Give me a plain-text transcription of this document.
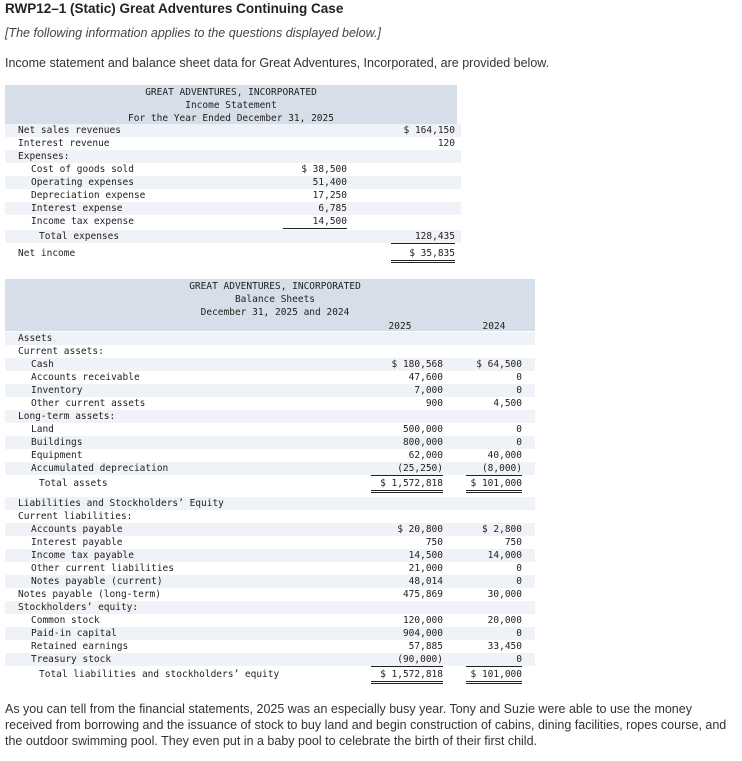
RWP12–1 (Static) Great Adventures Continuing Case
[The following information applies to the questions displayed below.]
Income statement and balance sheet data for Great Adventures, Incorporated, are provided below.
GREAT ADVENTURES, INCORPORATED
Income Statement
For the Year Ended December 31, 2025
Net sales revenues	$ 164,150
Interest revenue	120
Expenses:
Cost of goods sold	$ 38,500
Operating expenses	51,400
Depreciation expense	17,250
Interest expense	6,785
Income tax expense	14,500
Total expenses	128,435
Net income	$ 35,835
GREAT ADVENTURES, INCORPORATED
Balance Sheets
December 31, 2025 and 2024
2025	2024
Assets
Current assets:
Cash	$ 180,568	$ 64,500
Accounts receivable	47,600	0
Inventory	7,000	0
Other current assets	900	4,500
Long-term assets:
Land	500,000	0
Buildings	800,000	0
Equipment	62,000	40,000
Accumulated depreciation	(25,250)	(8,000)
Total assets	$ 1,572,818	$ 101,000
Liabilities and Stockholders’ Equity
Current liabilities:
Accounts payable	$ 20,800	$ 2,800
Interest payable	750	750
Income tax payable	14,500	14,000
Other current liabilities	21,000	0
Notes payable (current)	48,014	0
Notes payable (long-term)	475,869	30,000
Stockholders’ equity:
Common stock	120,000	20,000
Paid-in capital	904,000	0
Retained earnings	57,885	33,450
Treasury stock	(90,000)	0
Total liabilities and stockholders’ equity	$ 1,572,818	$ 101,000
As you can tell from the financial statements, 2025 was an especially busy year. Tony and Suzie were able to use the money received from borrowing and the issuance of stock to buy land and begin construction of cabins, dining facilities, ropes course, and the outdoor swimming pool. They even put in a baby pool to celebrate the birth of their first child.
